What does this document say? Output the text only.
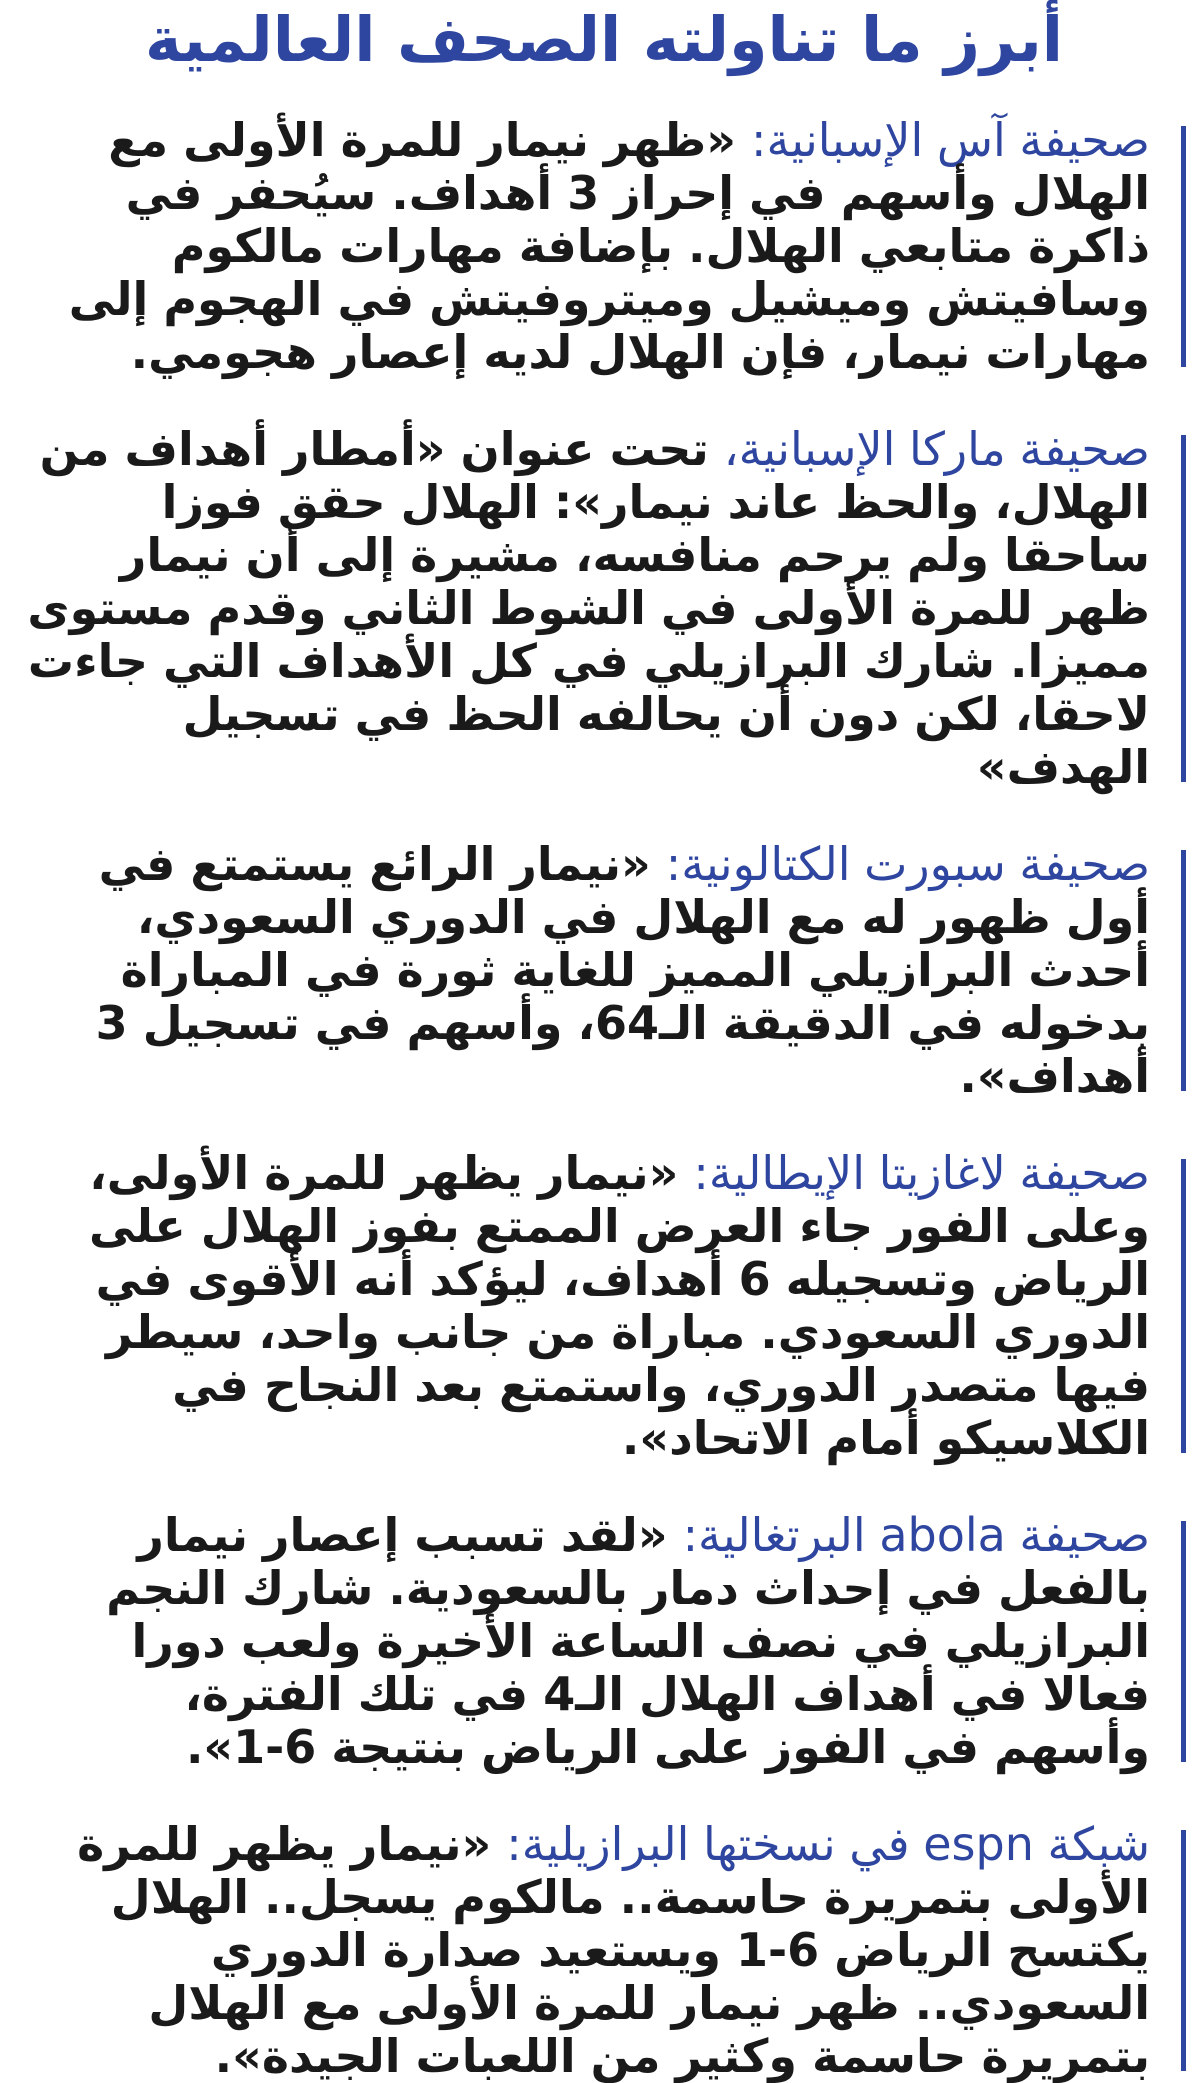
أبرز ما تناولته الصحف العالمية
صحيفة آس الإسبانية: «ظهر نيمار للمرة الأولى مع الهلال وأسهم في إحراز 3 أهداف. سيُحفر في ذاكرة متابعي الهلال. بإضافة مهارات مالكوم وسافيتش وميشيل وميتروفيتش في الهجوم إلى مهارات نيمار، فإن الهلال لديه إعصار هجومي.
صحيفة ماركا الإسبانية، تحت عنوان «أمطار أهداف من الهلال، والحظ عاند نيمار»: الهلال حقق فوزا ساحقا ولم يرحم منافسه، مشيرة إلى أن نيمار ظهر للمرة الأولى في الشوط الثاني وقدم مستوى مميزا. شارك البرازيلي في كل الأهداف التي جاءت لاحقا، لكن دون أن يحالفه الحظ في تسجيل الهدف»
صحيفة سبورت الكتالونية: «نيمار الرائع يستمتع في أول ظهور له مع الهلال في الدوري السعودي، أحدث البرازيلي المميز للغاية ثورة في المباراة بدخوله في الدقيقة الـ64، وأسهم في تسجيل 3 أهداف».
صحيفة لاغازيتا الإيطالية: «نيمار يظهر للمرة الأولى، وعلى الفور جاء العرض الممتع بفوز الهلال على الرياض وتسجيله 6 أهداف، ليؤكد أنه الأقوى في الدوري السعودي. مباراة من جانب واحد، سيطر فيها متصدر الدوري، واستمتع بعد النجاح في الكلاسيكو أمام الاتحاد».
صحيفة abola البرتغالية: «لقد تسبب إعصار نيمار بالفعل في إحداث دمار بالسعودية. شارك النجم البرازيلي في نصف الساعة الأخيرة ولعب دورا فعالا في أهداف الهلال الـ4 في تلك الفترة، وأسهم في الفوز على الرياض بنتيجة 6-1».
شبكة espn في نسختها البرازيلية: «نيمار يظهر للمرة الأولى بتمريرة حاسمة.. مالكوم يسجل.. الهلال يكتسح الرياض 6-1 ويستعيد صدارة الدوري السعودي.. ظهر نيمار للمرة الأولى مع الهلال بتمريرة حاسمة وكثير من اللعبات الجيدة».
